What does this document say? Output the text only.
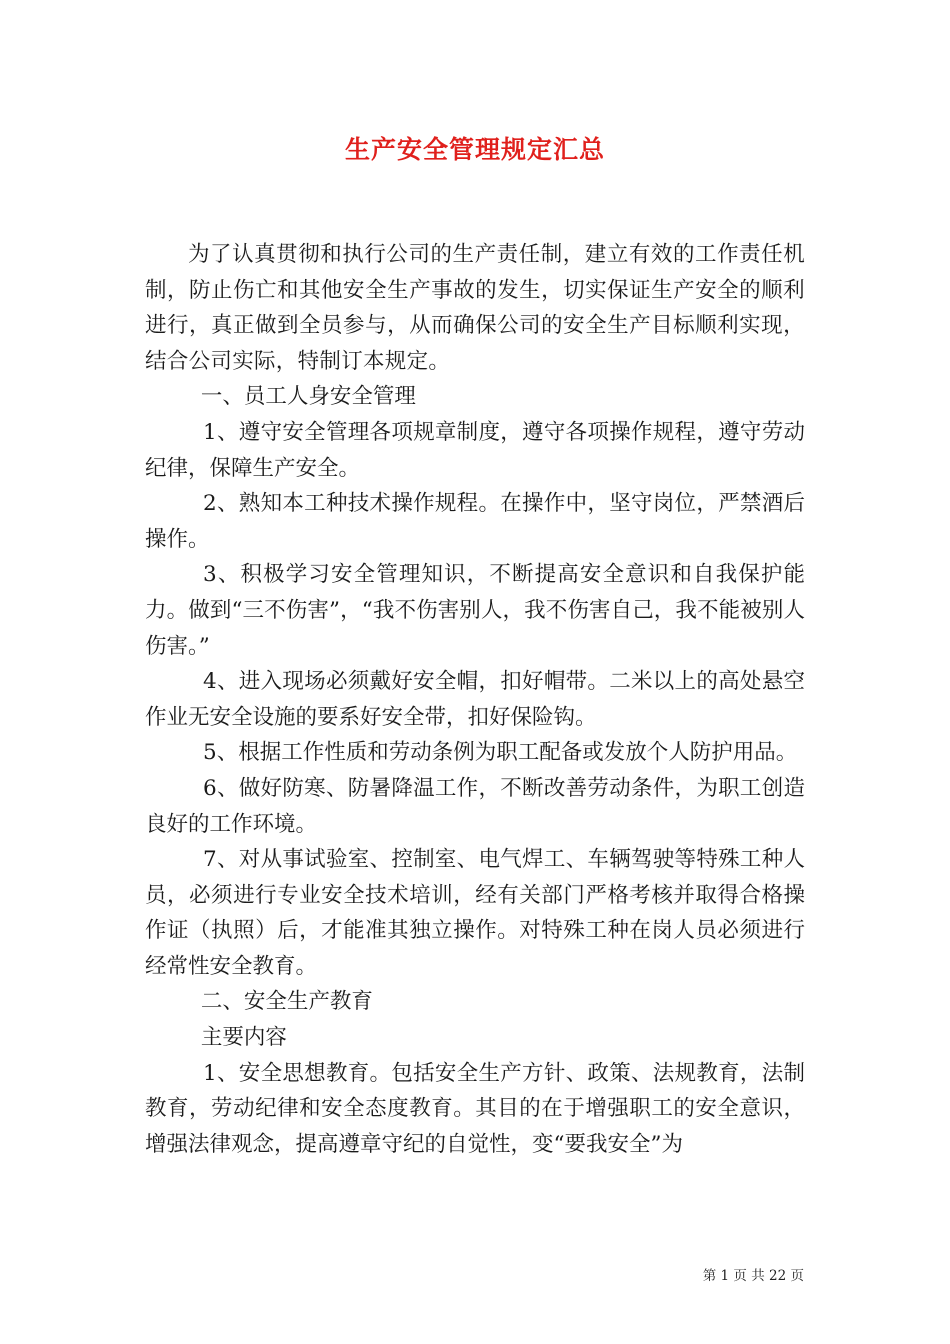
生产安全管理规定汇总

为了认真贯彻和执行公司的生产责任制，建立有效的工作责任机制，防止伤亡和其他安全生产事故的发生，切实保证生产安全的顺利进行，真正做到全员参与，从而确保公司的安全生产目标顺利实现，结合公司实际，特制订本规定。

一、员工人身安全管理

1、遵守安全管理各项规章制度，遵守各项操作规程，遵守劳动纪律，保障生产安全。

2、熟知本工种技术操作规程。在操作中，坚守岗位，严禁酒后操作。

3、积极学习安全管理知识，不断提高安全意识和自我保护能力。做到“三不伤害”，“我不伤害别人，我不伤害自己，我不能被别人伤害。”

4、进入现场必须戴好安全帽，扣好帽带。二米以上的高处悬空作业无安全设施的要系好安全带，扣好保险钩。

5、根据工作性质和劳动条例为职工配备或发放个人防护用品。

6、做好防寒、防暑降温工作，不断改善劳动条件，为职工创造良好的工作环境。

7、对从事试验室、控制室、电气焊工、车辆驾驶等特殊工种人员，必须进行专业安全技术培训，经有关部门严格考核并取得合格操作证（执照）后，才能准其独立操作。对特殊工种在岗人员必须进行经常性安全教育。

二、安全生产教育

主要内容

1、安全思想教育。包括安全生产方针、政策、法规教育，法制教育，劳动纪律和安全态度教育。其目的在于增强职工的安全意识，增强法律观念，提高遵章守纪的自觉性，变“要我安全”为

第 1 页 共 22 页
